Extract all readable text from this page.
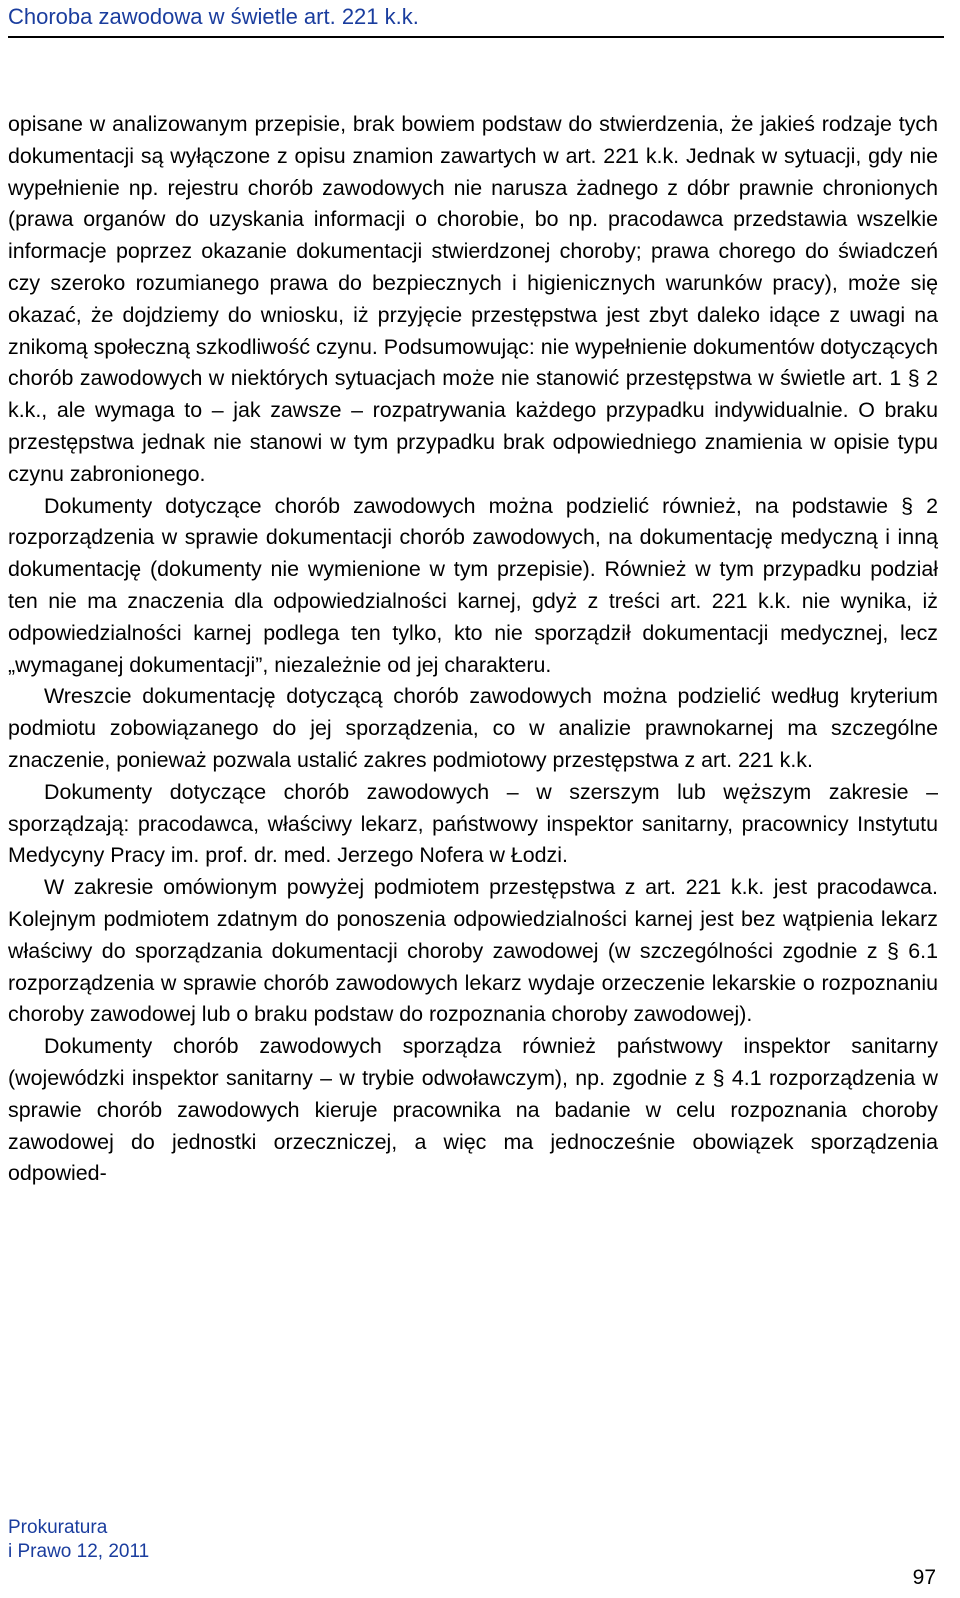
Choroba zawodowa w świetle art. 221 k.k.

opisane w analizowanym przepisie, brak bowiem podstaw do stwierdzenia, że jakieś rodzaje tych dokumentacji są wyłączone z opisu znamion zawartych w art. 221 k.k. Jednak w sytuacji, gdy nie wypełnienie np. rejestru chorób zawodowych nie narusza żadnego z dóbr prawnie chronionych (prawa organów do uzyskania informacji o chorobie, bo np. pracodawca przedstawia wszelkie informacje poprzez okazanie dokumentacji stwierdzonej choroby; prawa chorego do świadczeń czy szeroko rozumianego prawa do bezpiecznych i higienicznych warunków pracy), może się okazać, że dojdziemy do wniosku, iż przyjęcie przestępstwa jest zbyt daleko idące z uwagi na znikomą społeczną szkodliwość czynu. Podsumowując: nie wypełnienie dokumentów dotyczących chorób zawodowych w niektórych sytuacjach może nie stanowić przestępstwa w świetle art. 1 § 2 k.k., ale wymaga to – jak zawsze – rozpatrywania każdego przypadku indywidualnie. O braku przestępstwa jednak nie stanowi w tym przypadku brak odpowiedniego znamienia w opisie typu czynu zabronionego.

Dokumenty dotyczące chorób zawodowych można podzielić również, na podstawie § 2 rozporządzenia w sprawie dokumentacji chorób zawodowych, na dokumentację medyczną i inną dokumentację (dokumenty nie wymienione w tym przepisie). Również w tym przypadku podział ten nie ma znaczenia dla odpowiedzialności karnej, gdyż z treści art. 221 k.k. nie wynika, iż odpowiedzialności karnej podlega ten tylko, kto nie sporządził dokumentacji medycznej, lecz „wymaganej dokumentacji”, niezależnie od jej charakteru.

Wreszcie dokumentację dotyczącą chorób zawodowych można podzielić według kryterium podmiotu zobowiązanego do jej sporządzenia, co w analizie prawnokarnej ma szczególne znaczenie, ponieważ pozwala ustalić zakres podmiotowy przestępstwa z art. 221 k.k.

Dokumenty dotyczące chorób zawodowych – w szerszym lub węższym zakresie – sporządzają: pracodawca, właściwy lekarz, państwowy inspektor sanitarny, pracownicy Instytutu Medycyny Pracy im. prof. dr. med. Jerzego Nofera w Łodzi.

W zakresie omówionym powyżej podmiotem przestępstwa z art. 221 k.k. jest pracodawca. Kolejnym podmiotem zdatnym do ponoszenia odpowiedzialności karnej jest bez wątpienia lekarz właściwy do sporządzania dokumentacji choroby zawodowej (w szczególności zgodnie z § 6.1 rozporządzenia w sprawie chorób zawodowych lekarz wydaje orzeczenie lekarskie o rozpoznaniu choroby zawodowej lub o braku podstaw do rozpoznania choroby zawodowej).

Dokumenty chorób zawodowych sporządza również państwowy inspektor sanitarny (wojewódzki inspektor sanitarny – w trybie odwoławczym), np. zgodnie z § 4.1 rozporządzenia w sprawie chorób zawodowych kieruje pracownika na badanie w celu rozpoznania choroby zawodowej do jednostki orzeczniczej, a więc ma jednocześnie obowiązek sporządzenia odpowied-

Prokuratura
i Prawo 12, 2011
97
